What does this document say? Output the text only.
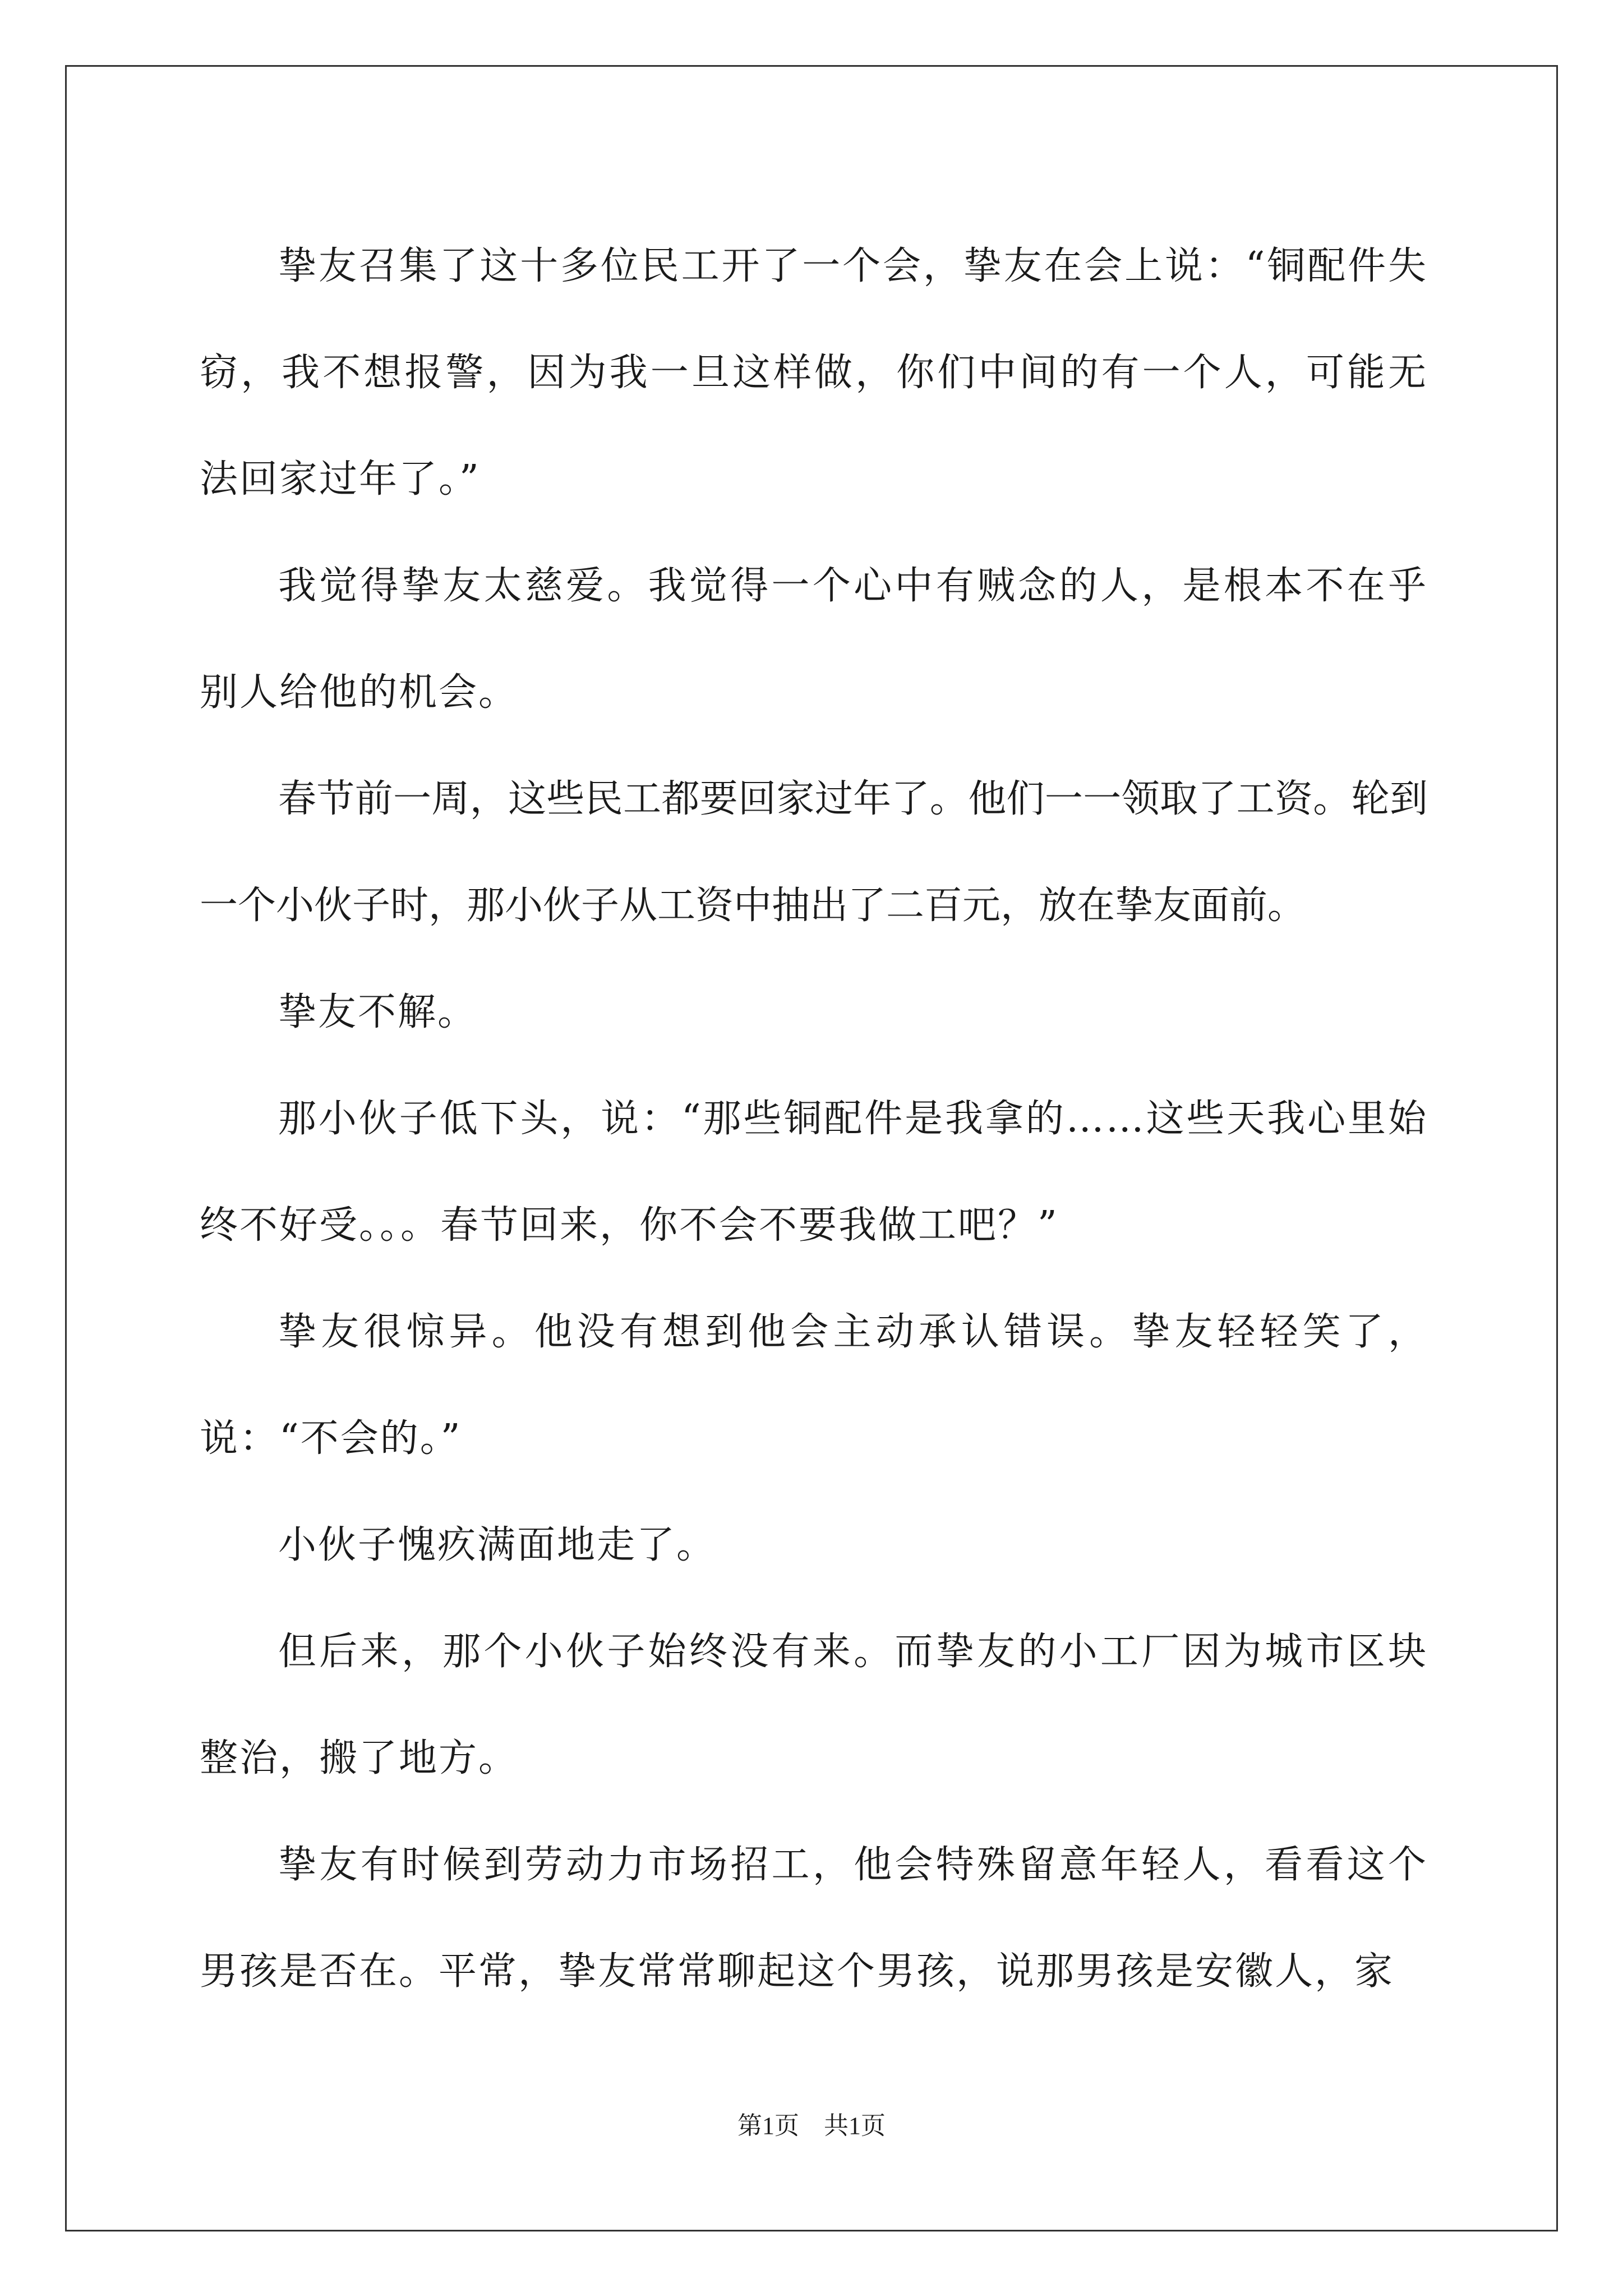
挚友召集了这十多位民工开了一个会，挚友在会上说：“铜配件失窃，我不想报警，因为我一旦这样做，你们中间的有一个人，可能无法回家过年了。”

我觉得挚友太慈爱。我觉得一个心中有贼念的人，是根本不在乎别人给他的机会。

春节前一周，这些民工都要回家过年了。他们一一领取了工资。轮到一个小伙子时，那小伙子从工资中抽出了二百元，放在挚友面前。

挚友不解。

那小伙子低下头，说：“那些铜配件是我拿的……这些天我心里始终不好受。。。春节回来，你不会不要我做工吧？”

挚友很惊异。他没有想到他会主动承认错误。挚友轻轻笑了，说：“不会的。”

小伙子愧疚满面地走了。

但后来，那个小伙子始终没有来。而挚友的小工厂因为城市区块整治，搬了地方。

挚友有时候到劳动力市场招工，他会特殊留意年轻人，看看这个男孩是否在。平常，挚友常常聊起这个男孩，说那男孩是安徽人，家

第1页 共1页
